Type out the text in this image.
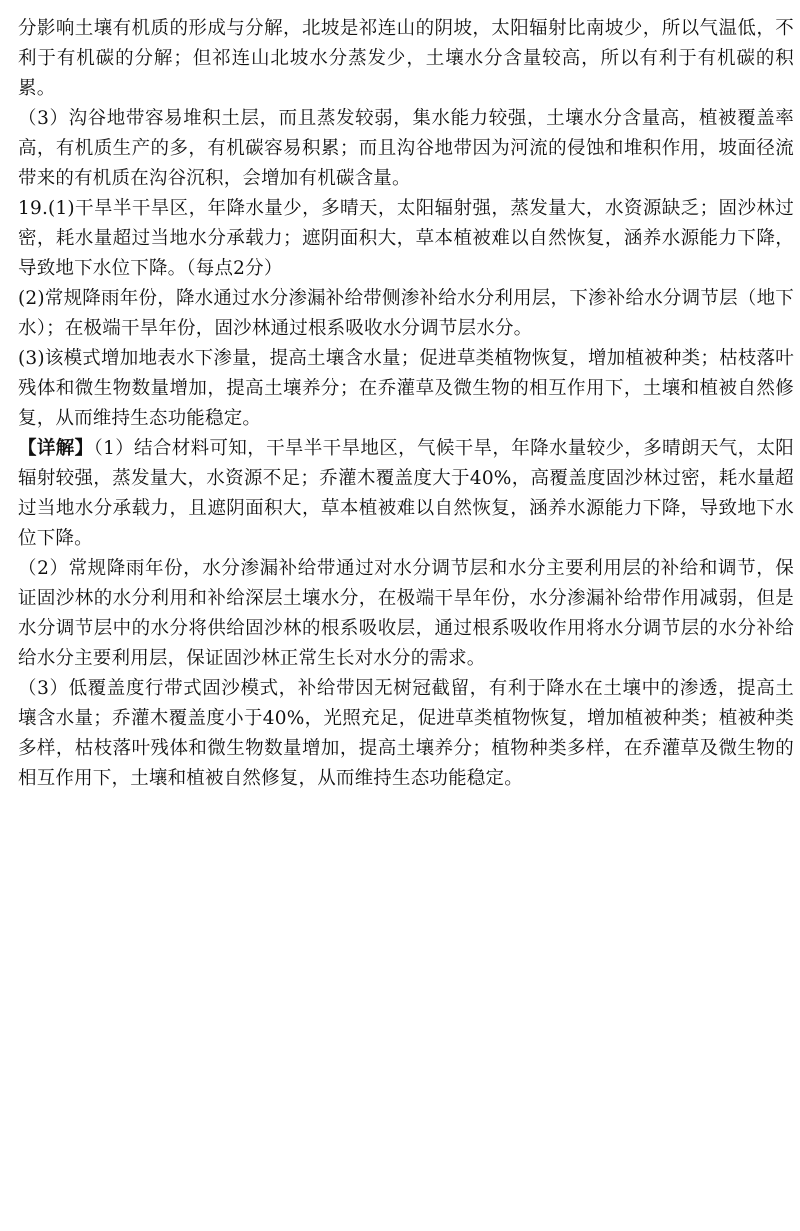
分影响土壤有机质的形成与分解，北坡是祁连山的阴坡，太阳辐射比南坡少，所以气温低，不利于有机碳的分解；但祁连山北坡水分蒸发少，土壤水分含量较高，所以有利于有机碳的积累。

（3）沟谷地带容易堆积土层，而且蒸发较弱，集水能力较强，土壤水分含量高，植被覆盖率高，有机质生产的多，有机碳容易积累；而且沟谷地带因为河流的侵蚀和堆积作用，坡面径流带来的有机质在沟谷沉积，会增加有机碳含量。

19.(1)干旱半干旱区，年降水量少，多晴天，太阳辐射强，蒸发量大，水资源缺乏；固沙林过密，耗水量超过当地水分承载力；遮阴面积大，草本植被难以自然恢复，涵养水源能力下降，导致地下水位下降。（每点2分）

(2)常规降雨年份，降水通过水分渗漏补给带侧渗补给水分利用层，下渗补给水分调节层（地下水）；在极端干旱年份，固沙林通过根系吸收水分调节层水分。

(3)该模式增加地表水下渗量，提高土壤含水量；促进草类植物恢复，增加植被种类；枯枝落叶残体和微生物数量增加，提高土壤养分；在乔灌草及微生物的相互作用下，土壤和植被自然修复，从而维持生态功能稳定。

【详解】（1）结合材料可知，干旱半干旱地区，气候干旱，年降水量较少，多晴朗天气，太阳辐射较强，蒸发量大，水资源不足；乔灌木覆盖度大于40%，高覆盖度固沙林过密，耗水量超过当地水分承载力，且遮阴面积大，草本植被难以自然恢复，涵养水源能力下降，导致地下水位下降。

（2）常规降雨年份，水分渗漏补给带通过对水分调节层和水分主要利用层的补给和调节，保证固沙林的水分利用和补给深层土壤水分，在极端干旱年份，水分渗漏补给带作用减弱，但是水分调节层中的水分将供给固沙林的根系吸收层，通过根系吸收作用将水分调节层的水分补给给水分主要利用层，保证固沙林正常生长对水分的需求。

（3）低覆盖度行带式固沙模式，补给带因无树冠截留，有利于降水在土壤中的渗透，提高土壤含水量；乔灌木覆盖度小于40%，光照充足，促进草类植物恢复，增加植被种类；植被种类多样，枯枝落叶残体和微生物数量增加，提高土壤养分；植物种类多样，在乔灌草及微生物的相互作用下，土壤和植被自然修复，从而维持生态功能稳定。
